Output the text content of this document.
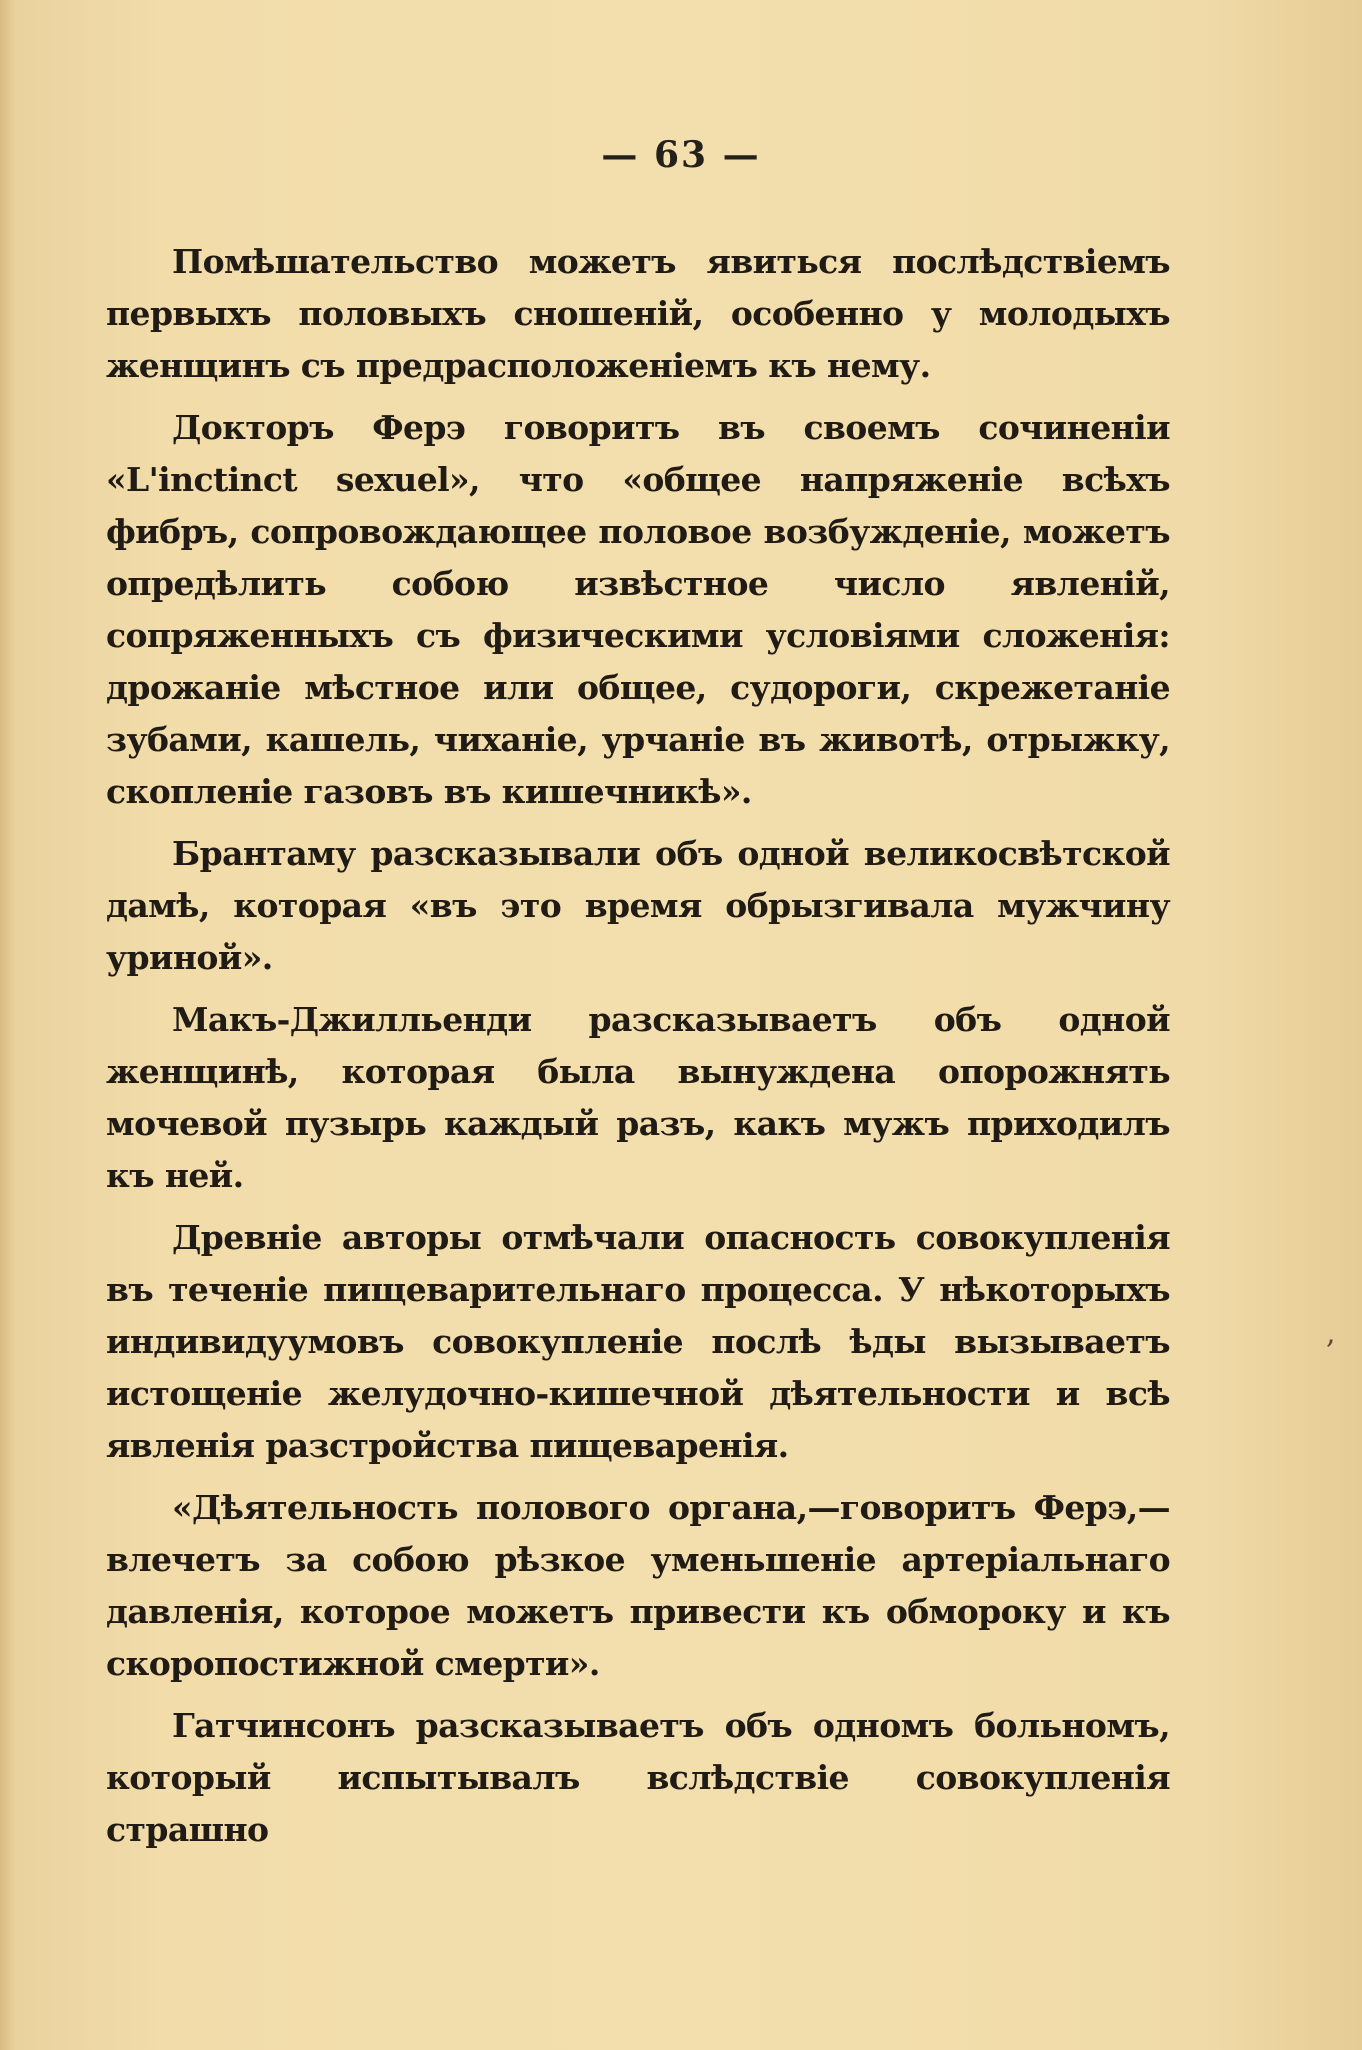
— 63 —

Помѣшательство можетъ явиться послѣдствіемъ первыхъ половыхъ сношеній, особенно у молодыхъ женщинъ съ предрасположеніемъ къ нему.

Докторъ Ферэ говоритъ въ своемъ сочиненіи «L'inctinct sexuel», что «общее напряженіе всѣхъ фибръ, сопровождающее половое возбужденіе, можетъ опредѣлить собою извѣстное число явленій, сопряженныхъ съ физическими условіями сложенія: дрожаніе мѣстное или общее, судороги, скрежетаніе зубами, кашель, чиханіе, урчаніе въ животѣ, отрыжку, скопленіе газовъ въ кишечникѣ».

Брантаму разсказывали объ одной великосвѣтской дамѣ, которая «въ это время обрызгивала мужчину уриной».

Макъ-Джилльенди разсказываетъ объ одной женщинѣ, которая была вынуждена опорожнять мочевой пузырь каждый разъ, какъ мужъ приходилъ къ ней.

Древніе авторы отмѣчали опасность совокупленія въ теченіе пищеварительнаго процесса. У нѣкоторыхъ индивидуумовъ совокупленіе послѣ ѣды вызываетъ истощеніе желудочно-кишечной дѣятельности и всѣ явленія разстройства пищеваренія.

«Дѣятельность полового органа,—говоритъ Ферэ,— влечетъ за собою рѣзкое уменьшеніе артеріальнаго давленія, которое можетъ привести къ обмороку и къ скоропостижной смерти».

Гатчинсонъ разсказываетъ объ одномъ больномъ, который испытывалъ вслѣдствіе совокупленія страшно

,
